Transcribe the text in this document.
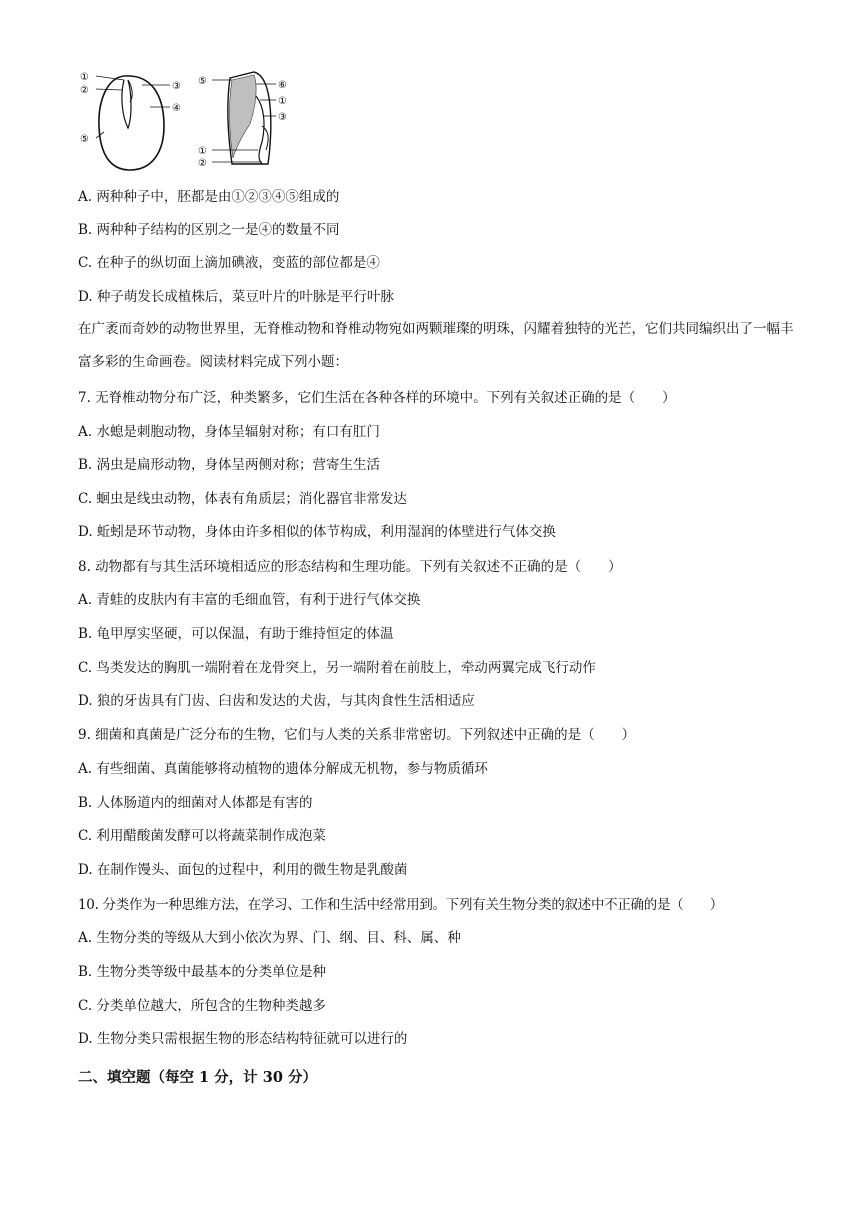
①
②	③
④
⑤
⑤	⑥
①
③
①
②
A. 两种种子中，胚都是由①②③④⑤组成的
B. 两种种子结构的区别之一是④的数量不同
C. 在种子的纵切面上滴加碘液，变蓝的部位都是④
D. 种子萌发长成植株后，菜豆叶片的叶脉是平行叶脉
在广袤而奇妙的动物世界里，无脊椎动物和脊椎动物宛如两颗璀璨的明珠，闪耀着独特的光芒，它们共同编织出了一幅丰富多彩的生命画卷。阅读材料完成下列小题：
7. 无脊椎动物分布广泛，种类繁多，它们生活在各种各样的环境中。下列有关叙述正确的是（　　）
A. 水螅是刺胞动物，身体呈辐射对称；有口有肛门
B. 涡虫是扁形动物，身体呈两侧对称；营寄生生活
C. 蛔虫是线虫动物，体表有角质层；消化器官非常发达
D. 蚯蚓是环节动物，身体由许多相似的体节构成，利用湿润的体壁进行气体交换
8. 动物都有与其生活环境相适应的形态结构和生理功能。下列有关叙述不正确的是（　　）
A. 青蛙的皮肤内有丰富的毛细血管，有利于进行气体交换
B. 龟甲厚实坚硬，可以保温，有助于维持恒定的体温
C. 鸟类发达的胸肌一端附着在龙骨突上，另一端附着在前肢上，牵动两翼完成飞行动作
D. 狼的牙齿具有门齿、臼齿和发达的犬齿，与其肉食性生活相适应
9. 细菌和真菌是广泛分布的生物，它们与人类的关系非常密切。下列叙述中正确的是（　　）
A. 有些细菌、真菌能够将动植物的遗体分解成无机物，参与物质循环
B. 人体肠道内的细菌对人体都是有害的
C. 利用醋酸菌发酵可以将蔬菜制作成泡菜
D. 在制作馒头、面包的过程中，利用的微生物是乳酸菌
10. 分类作为一种思维方法，在学习、工作和生活中经常用到。下列有关生物分类的叙述中不正确的是（　　）
A. 生物分类的等级从大到小依次为界、门、纲、目、科、属、种
B. 生物分类等级中最基本的分类单位是种
C. 分类单位越大，所包含的生物种类越多
D. 生物分类只需根据生物的形态结构特征就可以进行的
二、填空题（每空 1 分，计 30 分）
